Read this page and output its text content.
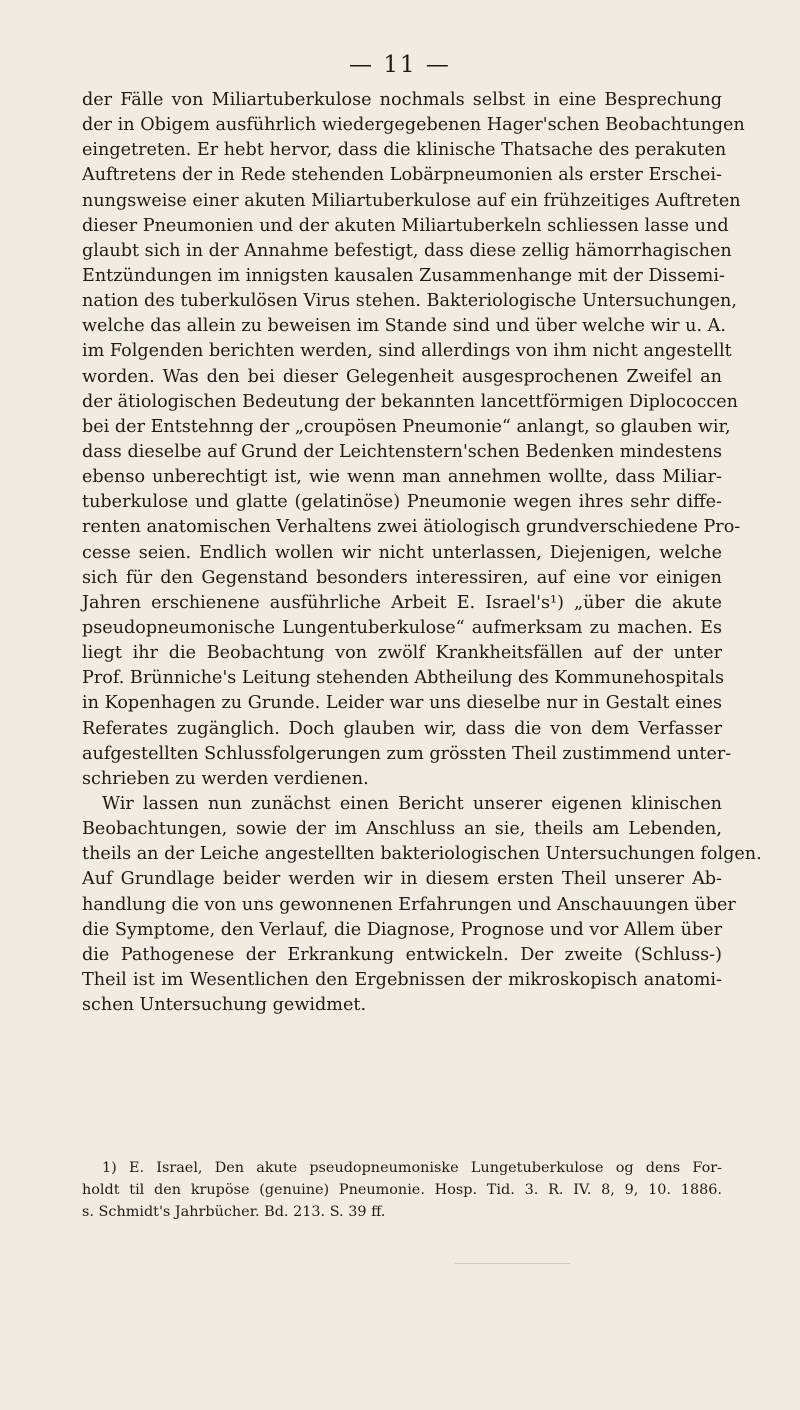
— 11 —
der Fälle von Miliartuberkulose nochmals selbst in eine Besprechung
der in Obigem ausführlich wiedergegebenen Hager'schen Beobachtungen
eingetreten. Er hebt hervor, dass die klinische Thatsache des perakuten
Auftretens der in Rede stehenden Lobärpneumonien als erster Erschei-
nungsweise einer akuten Miliartuberkulose auf ein frühzeitiges Auftreten
dieser Pneumonien und der akuten Miliartuberkeln schliessen lasse und
glaubt sich in der Annahme befestigt, dass diese zellig hämorrhagischen
Entzündungen im innigsten kausalen Zusammenhange mit der Dissemi-
nation des tuberkulösen Virus stehen. Bakteriologische Untersuchungen,
welche das allein zu beweisen im Stande sind und über welche wir u. A.
im Folgenden berichten werden, sind allerdings von ihm nicht angestellt
worden. Was den bei dieser Gelegenheit ausgesprochenen Zweifel an
der ätiologischen Bedeutung der bekannten lancettförmigen Diplococcen
bei der Entstehnng der „croupösen Pneumonie“ anlangt, so glauben wir,
dass dieselbe auf Grund der Leichtenstern'schen Bedenken mindestens
ebenso unberechtigt ist, wie wenn man annehmen wollte, dass Miliar-
tuberkulose und glatte (gelatinöse) Pneumonie wegen ihres sehr diffe-
renten anatomischen Verhaltens zwei ätiologisch grundverschiedene Pro-
cesse seien. Endlich wollen wir nicht unterlassen, Diejenigen, welche
sich für den Gegenstand besonders interessiren, auf eine vor einigen
Jahren erschienene ausführliche Arbeit E. Israel's¹) „über die akute
pseudopneumonische Lungentuberkulose“ aufmerksam zu machen. Es
liegt ihr die Beobachtung von zwölf Krankheitsfällen auf der unter
Prof. Brünniche's Leitung stehenden Abtheilung des Kommunehospitals
in Kopenhagen zu Grunde. Leider war uns dieselbe nur in Gestalt eines
Referates zugänglich. Doch glauben wir, dass die von dem Verfasser
aufgestellten Schlussfolgerungen zum grössten Theil zustimmend unter-
schrieben zu werden verdienen.
Wir lassen nun zunächst einen Bericht unserer eigenen klinischen
Beobachtungen, sowie der im Anschluss an sie, theils am Lebenden,
theils an der Leiche angestellten bakteriologischen Untersuchungen folgen.
Auf Grundlage beider werden wir in diesem ersten Theil unserer Ab-
handlung die von uns gewonnenen Erfahrungen und Anschauungen über
die Symptome, den Verlauf, die Diagnose, Prognose und vor Allem über
die Pathogenese der Erkrankung entwickeln. Der zweite (Schluss-)
Theil ist im Wesentlichen den Ergebnissen der mikroskopisch anatomi-
schen Untersuchung gewidmet.
1) E. Israel, Den akute pseudopneumoniske Lungetuberkulose og dens For-
holdt til den krupöse (genuine) Pneumonie. Hosp. Tid. 3. R. IV. 8, 9, 10. 1886.
s. Schmidt's Jahrbücher. Bd. 213. S. 39 ff.
